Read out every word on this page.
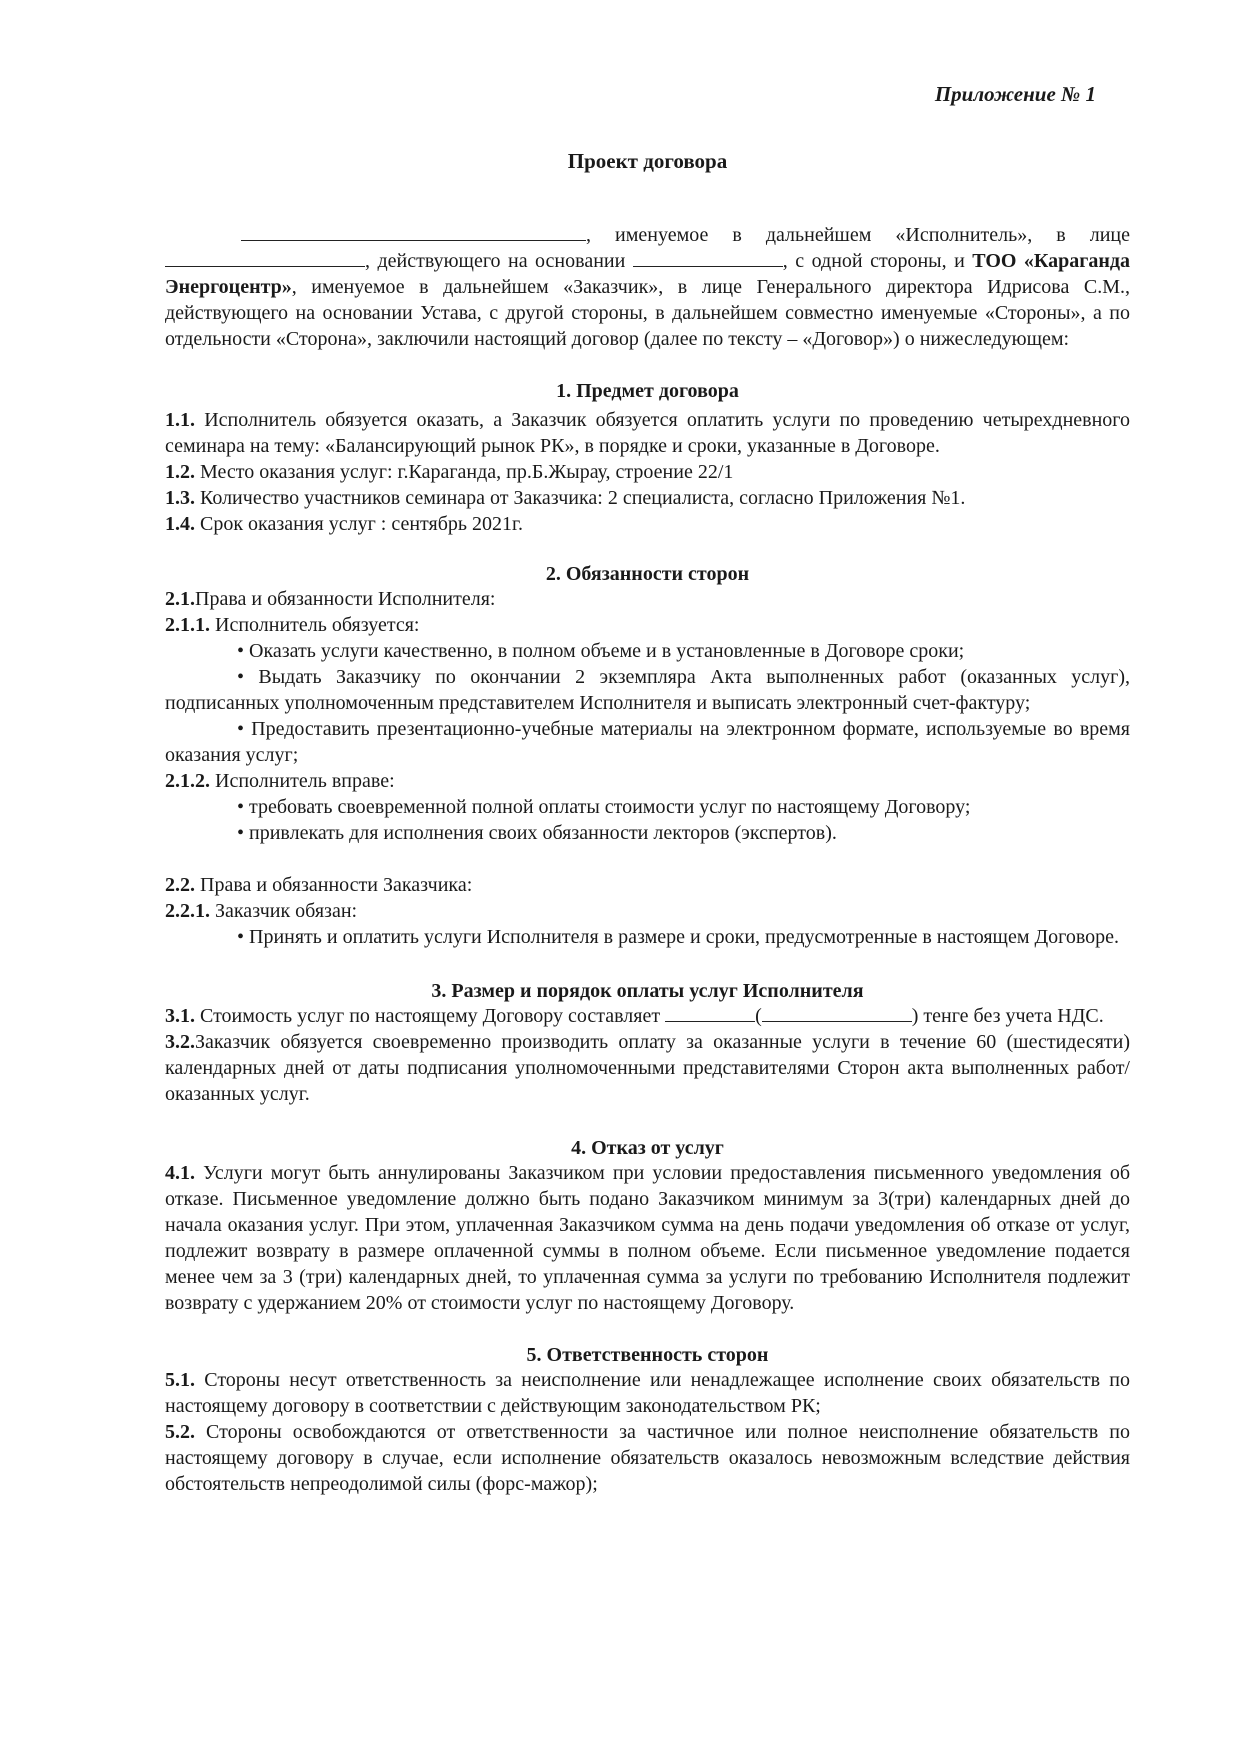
Приложение № 1
Проект договора

, именуемое в дальнейшем «Исполнитель», в лице , действующего на основании	, с одной стороны, и ТОО «Караганда Энергоцентр», именуемое в дальнейшем «Заказчик», в лице Генерального директора Идрисова С.М., действующего на основании Устава, с другой стороны, в дальнейшем совместно именуемые «Стороны», а по отдельности «Сторона», заключили настоящий договор (далее по тексту – «Договор») о нижеследующем:

1. Предмет договора

1.1. Исполнитель обязуется оказать, а Заказчик обязуется оплатить услуги по проведению четырехдневного семинара на тему: «Балансирующий рынок РК», в порядке и сроки, указанные в Договоре.

1.2. Место оказания услуг: г.Караганда, пр.Б.Жырау, строение 22/1

1.3. Количество участников семинара от Заказчика: 2 специалиста, согласно Приложения №1.

1.4. Срок оказания услуг : сентябрь 2021г.

2. Обязанности сторон

2.1.Права и обязанности Исполнителя:

2.1.1. Исполнитель обязуется:

• Оказать услуги качественно, в полном объеме и в установленные в Договоре сроки;

• Выдать Заказчику по окончании 2 экземпляра Акта выполненных работ (оказанных услуг), подписанных уполномоченным представителем Исполнителя и выписать электронный счет-фактуру;

• Предоставить презентационно-учебные материалы на электронном формате, используемые во время оказания услуг;

2.1.2. Исполнитель вправе:

• требовать своевременной полной оплаты стоимости услуг по настоящему Договору;

• привлекать для исполнения своих обязанности лекторов (экспертов).

2.2. Права и обязанности Заказчика:

2.2.1. Заказчик обязан:

• Принять и оплатить услуги Исполнителя в размере и сроки, предусмотренные в настоящем Договоре.

3. Размер и порядок оплаты услуг Исполнителя

3.1. Стоимость услуг по настоящему Договору составляет	(	) тенге без учета НДС.

3.2.Заказчик обязуется своевременно производить оплату за оказанные услуги в течение 60 (шестидесяти) календарных дней от даты подписания уполномоченными представителями Сторон акта выполненных работ/оказанных услуг.

4. Отказ от услуг

4.1. Услуги могут быть аннулированы Заказчиком при условии предоставления письменного уведомления об отказе. Письменное уведомление должно быть подано Заказчиком минимум за 3(три) календарных дней до начала оказания услуг. При этом, уплаченная Заказчиком сумма на день подачи уведомления об отказе от услуг, подлежит возврату в размере оплаченной суммы в полном объеме. Если письменное уведомление подается менее чем за 3 (три) календарных дней, то уплаченная сумма за услуги по требованию Исполнителя подлежит возврату с удержанием 20% от стоимости услуг по настоящему Договору.

5. Ответственность сторон

5.1. Стороны несут ответственность за неисполнение или ненадлежащее исполнение своих обязательств по настоящему договору в соответствии с действующим законодательством РК;

5.2. Стороны освобождаются от ответственности за частичное или полное неисполнение обязательств по настоящему договору в случае, если исполнение обязательств оказалось невозможным вследствие действия обстоятельств непреодолимой силы (форс-мажор);
